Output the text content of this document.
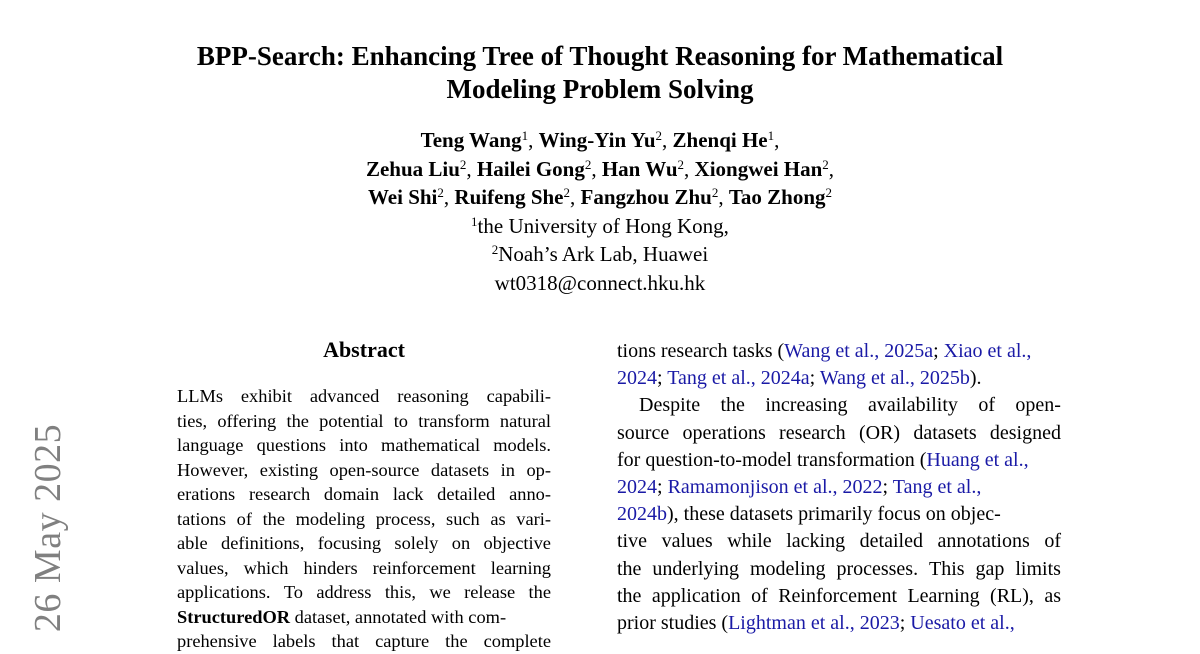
26 May 2025
BPP-Search: Enhancing Tree of Thought Reasoning for Mathematical
Modeling Problem Solving
Teng Wang$^1$, Wing-Yin Yu$^2$, Zhenqi He$^1$,
Zehua Liu$^2$, Hailei Gong$^2$, Han Wu$^2$, Xiongwei Han$^2$,
Wei Shi$^2$, Ruifeng She$^2$, Fangzhou Zhu$^2$, Tao Zhong$^2$
$^1$the University of Hong Kong,
$^2$Noah’s Ark Lab, Huawei
wt0318@connect.hku.hk
Abstract
LLMs exhibit advanced reasoning capabili-
ties, offering the potential to transform natural
language questions into mathematical models.
However, existing open-source datasets in op-
erations research domain lack detailed anno-
tations of the modeling process, such as vari-
able definitions, focusing solely on objective
values, which hinders reinforcement learning
applications. To address this, we release the
StructuredOR dataset, annotated with com-
prehensive labels that capture the complete
tions research tasks (Wang et al., 2025a; Xiao et al.,
2024; Tang et al., 2024a; Wang et al., 2025b).
Despite the increasing availability of open-
source operations research (OR) datasets designed
for question-to-model transformation (Huang et al.,
2024; Ramamonjison et al., 2022; Tang et al.,
2024b), these datasets primarily focus on objec-
tive values while lacking detailed annotations of
the underlying modeling processes. This gap limits
the application of Reinforcement Learning (RL), as
prior studies (Lightman et al., 2023; Uesato et al.,
